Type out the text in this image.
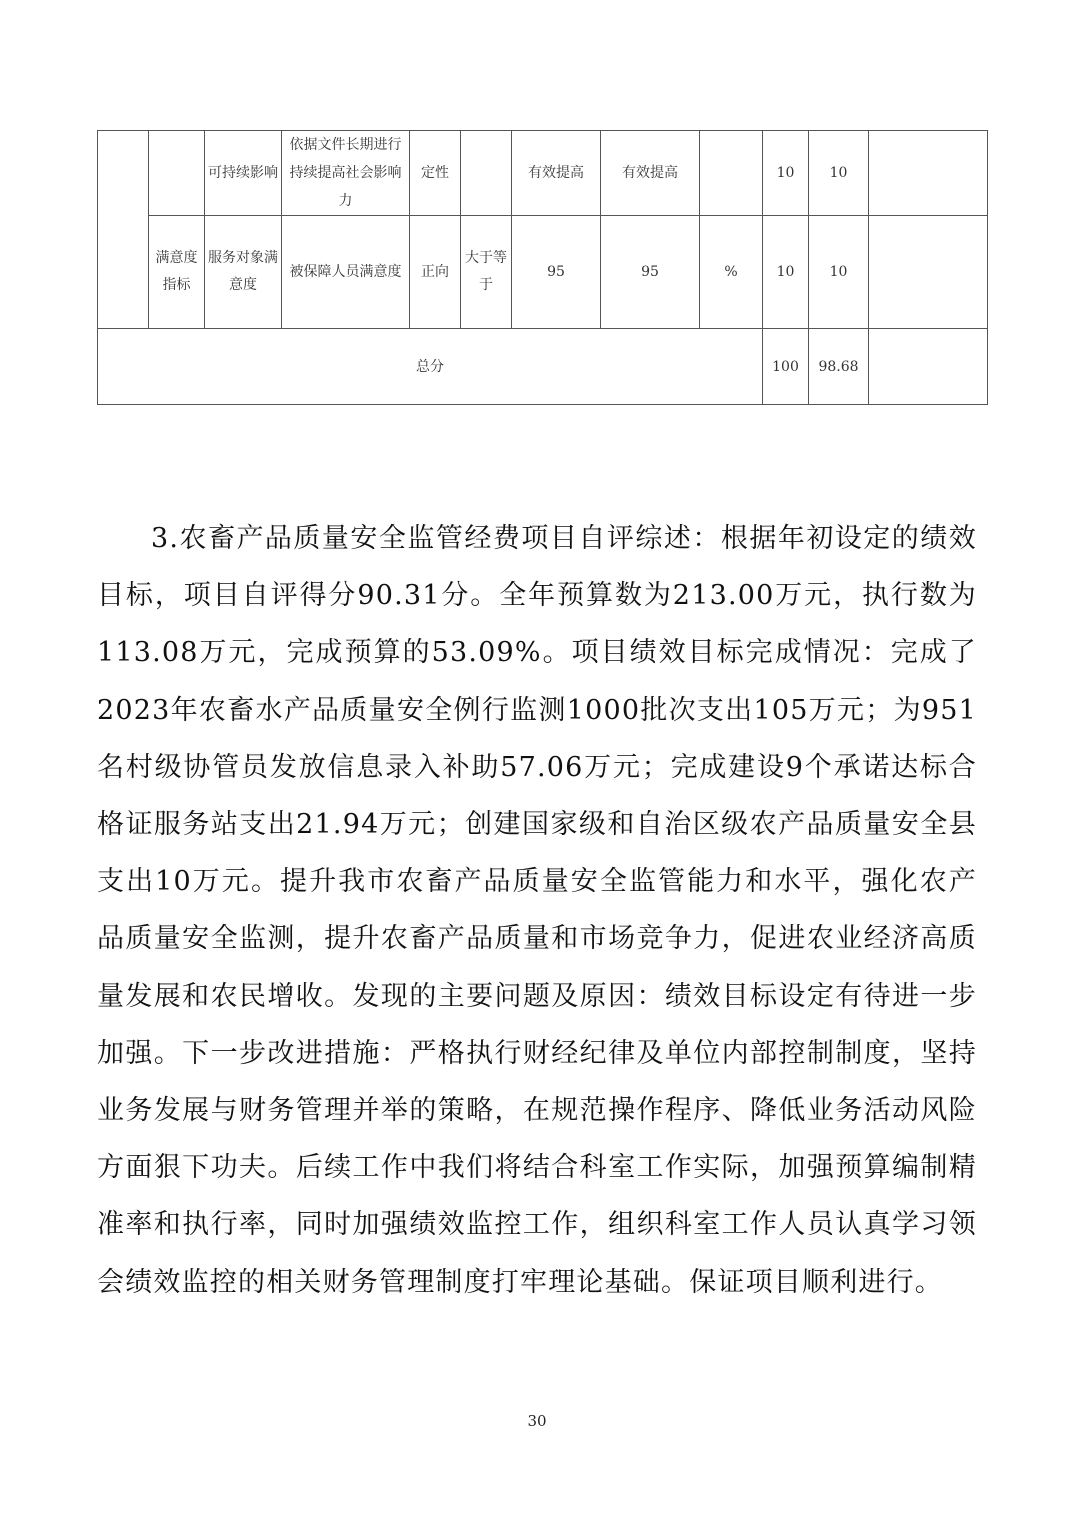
		可持续影响	依据文件长期进行持续提高社会影响力	定性		有效提高	有效提高		10	10	
	满意度指标	服务对象满意度	被保障人员满意度	正向	大于等于	95	95	%	10	10	
总分									100	98.68	

3.农畜产品质量安全监管经费项目自评综述：根据年初设定的绩效目标，项目自评得分90.31分。全年预算数为213.00万元，执行数为113.08万元，完成预算的53.09%。项目绩效目标完成情况：完成了2023年农畜水产品质量安全例行监测1000批次支出105万元；为951名村级协管员发放信息录入补助57.06万元；完成建设9个承诺达标合格证服务站支出21.94万元；创建国家级和自治区级农产品质量安全县支出10万元。提升我市农畜产品质量安全监管能力和水平，强化农产品质量安全监测，提升农畜产品质量和市场竞争力，促进农业经济高质量发展和农民增收。发现的主要问题及原因：绩效目标设定有待进一步加强。下一步改进措施：严格执行财经纪律及单位内部控制制度，坚持业务发展与财务管理并举的策略，在规范操作程序、降低业务活动风险方面狠下功夫。后续工作中我们将结合科室工作实际，加强预算编制精准率和执行率，同时加强绩效监控工作，组织科室工作人员认真学习领会绩效监控的相关财务管理制度打牢理论基础。保证项目顺利进行。

30
